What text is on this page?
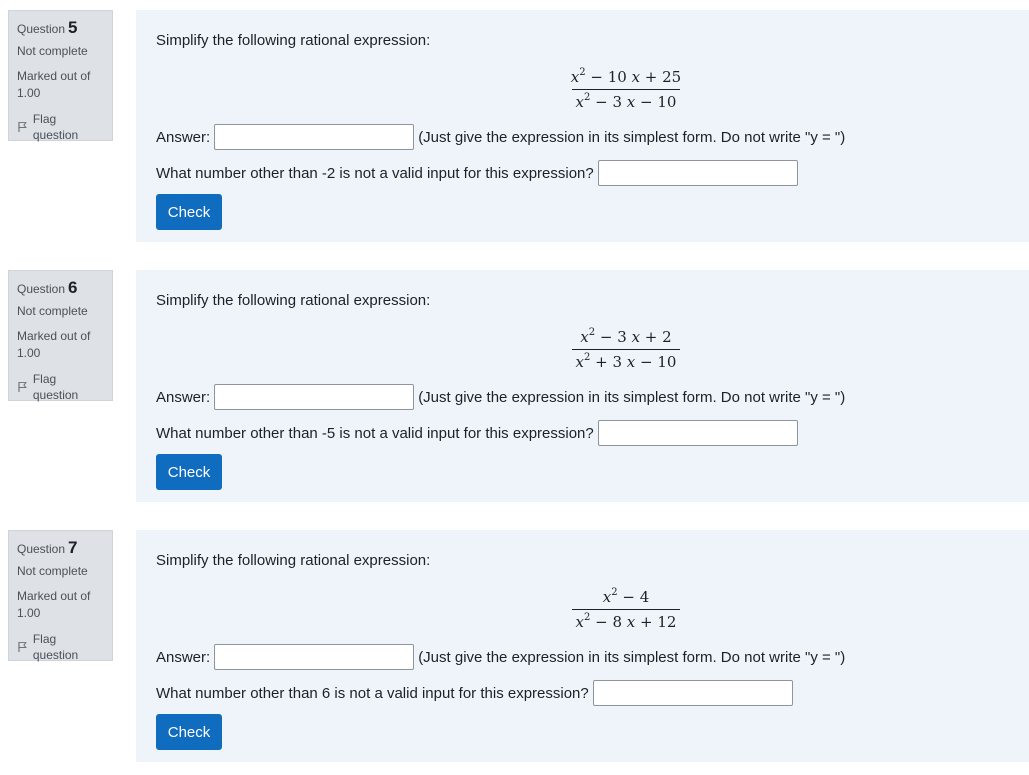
Question 5
Not complete
Marked out of 1.00
Flag question
Simplify the following rational expression:
$x^2 - 10$ x + 25
$x^2 - 3$ x − 10
Answer:	(Just give the expression in its simplest form. Do not write "y = ")
What number other than -2 is not a valid input for this expression?
Check
Question 6
Not complete
Marked out of 1.00
Flag question
Simplify the following rational expression:
$x^2 - 3$ x + 2
$x^2 + 3$ x − 10
Answer:	(Just give the expression in its simplest form. Do not write "y = ")
What number other than -5 is not a valid input for this expression?
Check
Question 7
Not complete
Marked out of 1.00
Flag question
Simplify the following rational expression:
$x^2 - 4$
$x^2 - 8$ x + 12
Answer:	(Just give the expression in its simplest form. Do not write "y = ")
What number other than 6 is not a valid input for this expression?
Check
